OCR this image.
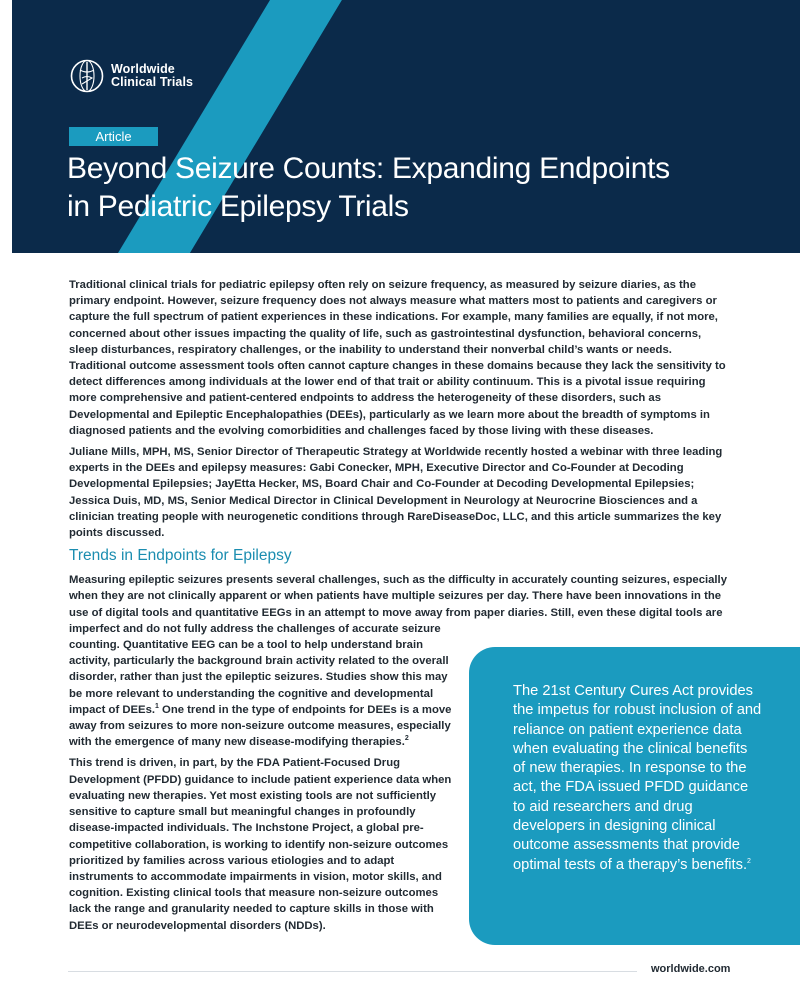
Worldwide
Clinical Trials
Article
Beyond Seizure Counts: Expanding Endpoints
in Pediatric Epilepsy Trials

Traditional clinical trials for pediatric epilepsy often rely on seizure frequency, as measured by seizure diaries, as the primary endpoint. However, seizure frequency does not always measure what matters most to patients and caregivers or capture the full spectrum of patient experiences in these indications. For example, many families are equally, if not more, concerned about other issues impacting the quality of life, such as gastrointestinal dysfunction, behavioral concerns, sleep disturbances, respiratory challenges, or the inability to understand their nonverbal child’s wants or needs. Traditional outcome assessment tools often cannot capture changes in these domains because they lack the sensitivity to detect differences among individuals at the lower end of that trait or ability continuum. This is a pivotal issue requiring more comprehensive and patient-centered endpoints to address the heterogeneity of these disorders, such as Developmental and Epileptic Encephalopathies (DEEs), particularly as we learn more about the breadth of symptoms in diagnosed patients and the evolving comorbidities and challenges faced by those living with these diseases.

Juliane Mills, MPH, MS, Senior Director of Therapeutic Strategy at Worldwide recently hosted a webinar with three leading experts in the DEEs and epilepsy measures: Gabi Conecker, MPH, Executive Director and Co-Founder at Decoding Developmental Epilepsies; JayEtta Hecker, MS, Board Chair and Co-Founder at Decoding Developmental Epilepsies; Jessica Duis, MD, MS, Senior Medical Director in Clinical Development in Neurology at Neurocrine Biosciences and a clinician treating people with neurogenetic conditions through RareDiseaseDoc, LLC, and this article summarizes the key points discussed.

Trends in Endpoints for Epilepsy

Measuring epileptic seizures presents several challenges, such as the difficulty in accurately counting seizures, especially when they are not clinically apparent or when patients have multiple seizures per day. There have been innovations in the use of digital tools and quantitative EEGs in an attempt to move away from paper diaries. Still, even these digital tools are

imperfect and do not fully address the challenges of accurate seizure counting. Quantitative EEG can be a tool to help understand brain activity, particularly the background brain activity related to the overall disorder, rather than just the epileptic seizures. Studies show this may be more relevant to understanding the cognitive and developmental impact of DEEs.$^1$ One trend in the type of endpoints for DEEs is a move away from seizures to more non-seizure outcome measures, especially with the emergence of many new disease-modifying therapies.$^2$

This trend is driven, in part, by the FDA Patient-Focused Drug Development (PFDD) guidance to include patient experience data when evaluating new therapies. Yet most existing tools are not sufficiently sensitive to capture small but meaningful changes in profoundly disease-impacted individuals. The Inchstone Project, a global pre-competitive collaboration, is working to identify non-seizure outcomes prioritized by families across various etiologies and to adapt instruments to accommodate impairments in vision, motor skills, and cognition. Existing clinical tools that measure non-seizure outcomes lack the range and granularity needed to capture skills in those with DEEs or neurodevelopmental disorders (NDDs).

The 21st Century Cures Act provides the impetus for robust inclusion of and reliance on patient experience data when evaluating the clinical benefits of new therapies. In response to the act, the FDA issued PFDD guidance to aid researchers and drug developers in designing clinical outcome assessments that provide optimal tests of a therapy’s benefits.$^2$

worldwide.com
